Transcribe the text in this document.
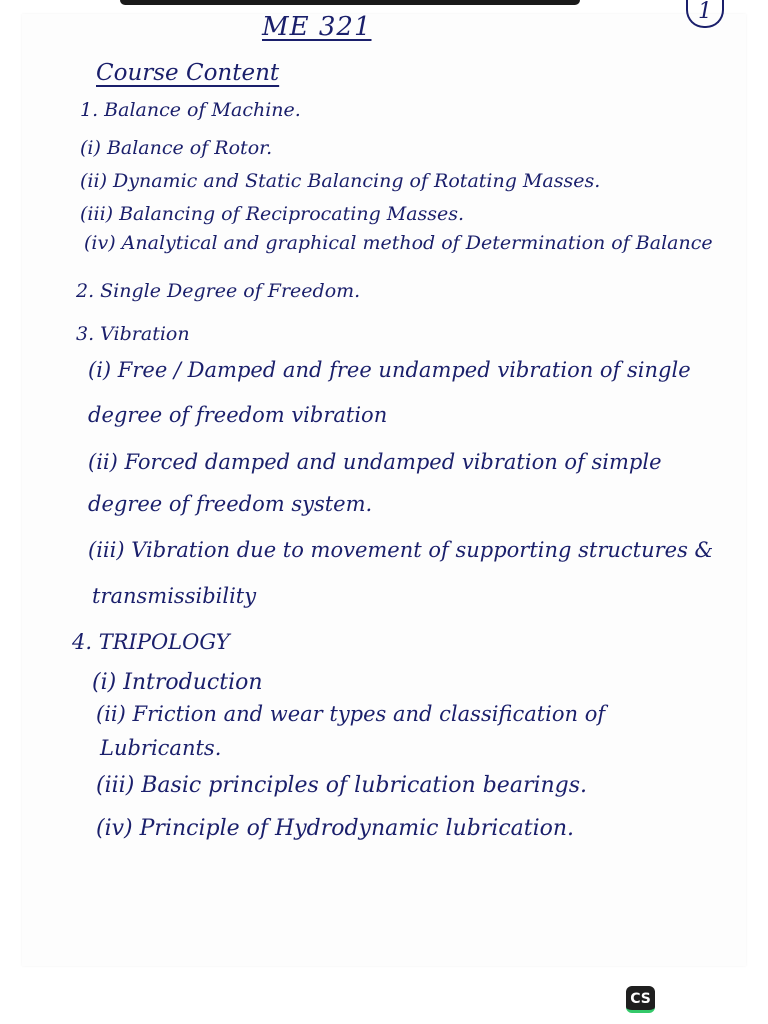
ME 321
1
Course Content
1. Balance of Machine.
(i) Balance of Rotor.
(ii) Dynamic and Static Balancing of Rotating Masses.
(iii) Balancing of Reciprocating Masses.
(iv) Analytical and graphical method of Determination of Balance
2. Single Degree of Freedom.
3. Vibration
(i) Free / Damped and free undamped vibration of single
degree of freedom vibration
(ii) Forced damped and undamped vibration of simple
degree of freedom system.
(iii) Vibration due to movement of supporting structures &
transmissibility
4. TRIPOLOGY
(i) Introduction
(ii) Friction and wear types and classification of
Lubricants.
(iii) Basic principles of lubrication bearings.
(iv) Principle of Hydrodynamic lubrication.
CS
